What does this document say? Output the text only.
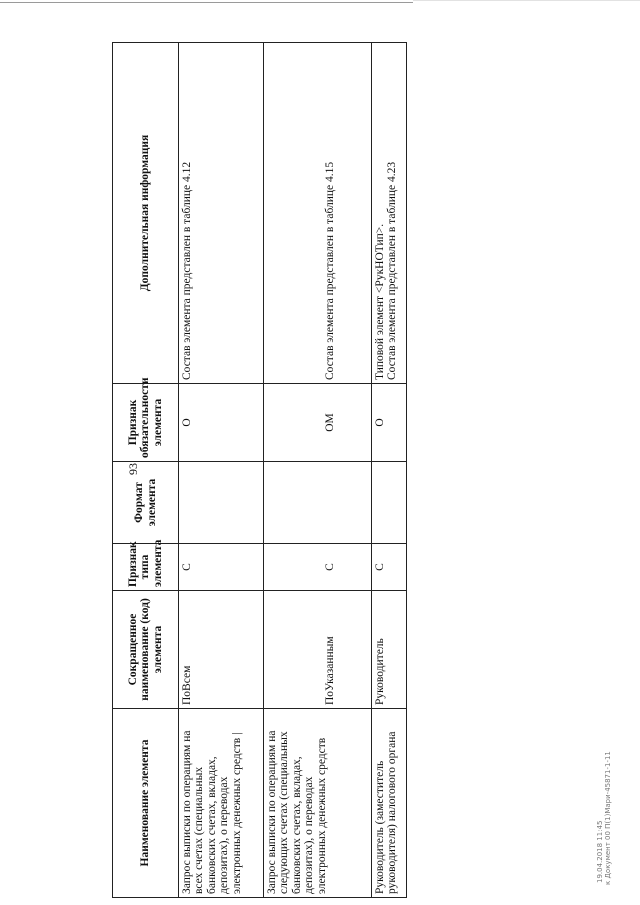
93
Наименование элемента	Сокращенное наименование (код) элемента	Признак типа элемента	Формат элемента	Признак обязательности элемента	Дополнительная информация
Запрос выписки по операциям на всех счетах (специальных банковских счетах, вкладах, депозитах), о переводах электронных денежных средств |	ПоВсем	С		О	Состав элемента представлен в таблице 4.12

Запрос выписки по операциям на следующих счетах (специальных банковских счетах, вкладах, депозитах), о переводах электронных денежных средств	ПоУказанным	С		ОМ	Состав элемента представлен в таблице 4.15

Руководитель (заместитель руководителя) налогового органа	Руководитель	С		О	Типовой элемент <РукНОТип>. Состав элемента представлен в таблице 4.23
19.04.2018 11:45 к Документ 00 П(1)Мари-45871-1-11
